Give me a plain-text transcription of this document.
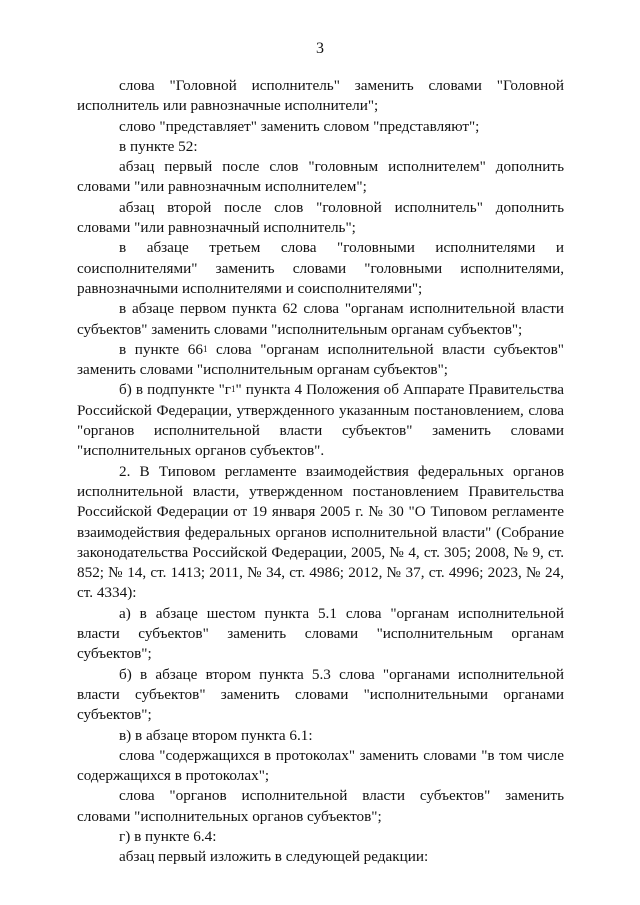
3

слова "Головной исполнитель" заменить словами "Головной исполнитель или равнозначные исполнители";

слово "представляет" заменить словом "представляют";

в пункте 52:

абзац первый после слов "головным исполнителем" дополнить словами "или равнозначным исполнителем";

абзац второй после слов "головной исполнитель" дополнить словами "или равнозначный исполнитель";

в абзаце третьем слова "головными исполнителями и соисполнителями" заменить словами "головными исполнителями, равнозначными исполнителями и соисполнителями";

в абзаце первом пункта 62 слова "органам исполнительной власти субъектов" заменить словами "исполнительным органам субъектов";

в пункте $66^1$ слова "органам исполнительной власти субъектов" заменить словами "исполнительным органам субъектов";

б) в подпункте "$г^1$" пункта 4 Положения об Аппарате Правительства Российской Федерации, утвержденного указанным постановлением, слова "органов исполнительной власти субъектов" заменить словами "исполнительных органов субъектов".

2. В Типовом регламенте взаимодействия федеральных органов исполнительной власти, утвержденном постановлением Правительства Российской Федерации от 19 января 2005 г. № 30 "О Типовом регламенте взаимодействия федеральных органов исполнительной власти" (Собрание законодательства Российской Федерации, 2005, № 4, ст. 305; 2008, № 9, ст. 852; № 14, ст. 1413; 2011, № 34, ст. 4986; 2012, № 37, ст. 4996; 2023, № 24, ст. 4334):

а) в абзаце шестом пункта 5.1 слова "органам исполнительной власти субъектов" заменить словами "исполнительным органам субъектов";

б) в абзаце втором пункта 5.3 слова "органами исполнительной власти субъектов" заменить словами "исполнительными органами субъектов";

в) в абзаце втором пункта 6.1:

слова "содержащихся в протоколах" заменить словами "в том числе содержащихся в протоколах";

слова "органов исполнительной власти субъектов" заменить словами "исполнительных органов субъектов";

г) в пункте 6.4:

абзац первый изложить в следующей редакции:
